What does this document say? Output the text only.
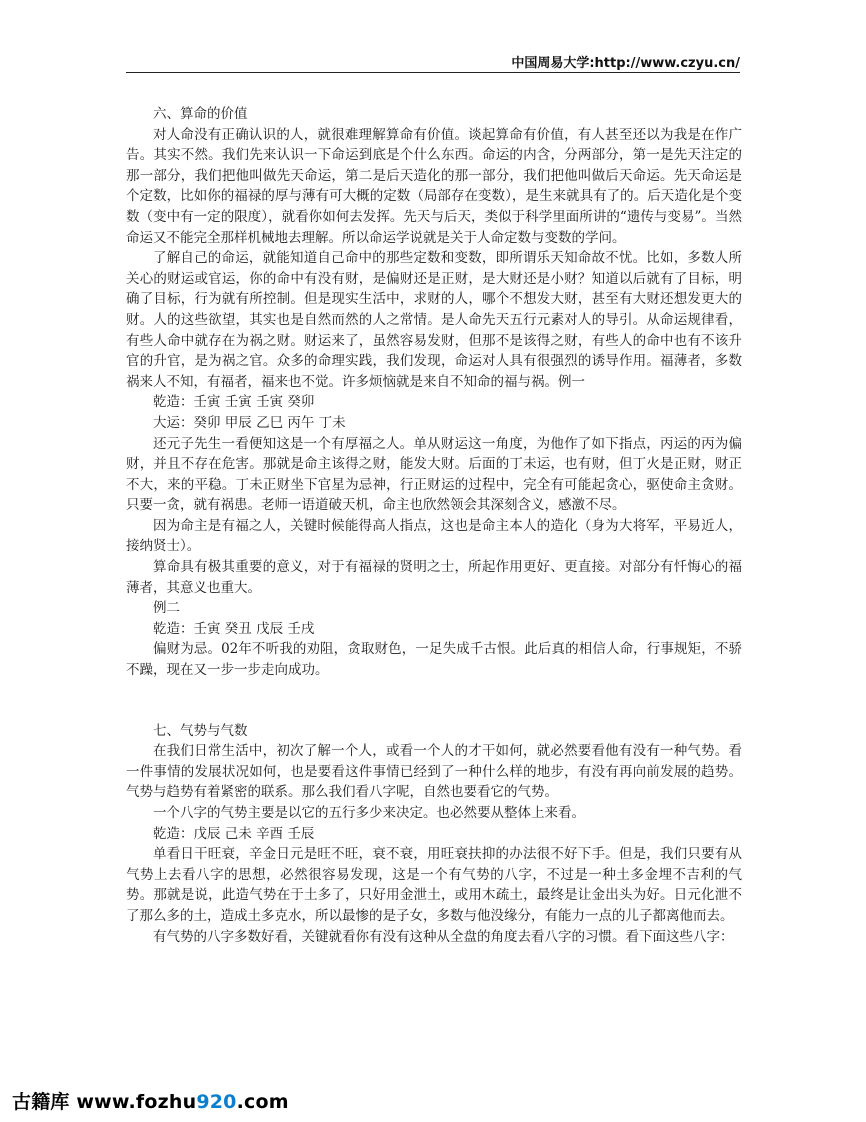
中国周易大学:http://www.czyu.cn/

六、算命的价值

对人命没有正确认识的人，就很难理解算命有价值。谈起算命有价值，有人甚至还以为我是在作广告。其实不然。我们先来认识一下命运到底是个什么东西。命运的内含，分两部分，第一是先天注定的那一部分，我们把他叫做先天命运，第二是后天造化的那一部分，我们把他叫做后天命运。先天命运是个定数，比如你的福禄的厚与薄有可大概的定数（局部存在变数），是生来就具有了的。后天造化是个变数（变中有一定的限度），就看你如何去发挥。先天与后天，类似于科学里面所讲的“遗传与变易”。当然命运又不能完全那样机械地去理解。所以命运学说就是关于人命定数与变数的学问。

了解自己的命运，就能知道自己命中的那些定数和变数，即所谓乐天知命故不忧。比如，多数人所关心的财运或官运，你的命中有没有财，是偏财还是正财，是大财还是小财？知道以后就有了目标，明确了目标，行为就有所控制。但是现实生活中，求财的人，哪个不想发大财，甚至有大财还想发更大的财。人的这些欲望，其实也是自然而然的人之常情。是人命先天五行元素对人的导引。从命运规律看，有些人命中就存在为祸之财。财运来了，虽然容易发财，但那不是该得之财，有些人的命中也有不该升官的升官，是为祸之官。众多的命理实践，我们发现，命运对人具有很强烈的诱导作用。福薄者，多数祸来人不知，有福者，福来也不觉。许多烦恼就是来自不知命的福与祸。例一

乾造：壬寅 壬寅 壬寅 癸卯

大运：癸卯 甲辰 乙巳 丙午 丁未

还元子先生一看便知这是一个有厚福之人。单从财运这一角度，为他作了如下指点，丙运的丙为偏财，并且不存在危害。那就是命主该得之财，能发大财。后面的丁未运，也有财，但丁火是正财，财正不大，来的平稳。丁未正财坐下官星为忌神，行正财运的过程中，完全有可能起贪心，驱使命主贪财。只要一贪，就有祸患。老师一语道破天机，命主也欣然领会其深刻含义，感激不尽。

因为命主是有福之人，关键时候能得高人指点，这也是命主本人的造化（身为大将军，平易近人，接纳贤士）。

算命具有极其重要的意义，对于有福禄的贤明之士，所起作用更好、更直接。对部分有忏悔心的福薄者，其意义也重大。

例二

乾造：壬寅 癸丑 戊辰 壬戌

偏财为忌。02年不听我的劝阻，贪取财色，一足失成千古恨。此后真的相信人命，行事规矩，不骄不躁，现在又一步一步走向成功。

七、气势与气数

在我们日常生活中，初次了解一个人，或看一个人的才干如何，就必然要看他有没有一种气势。看一件事情的发展状况如何，也是要看这件事情已经到了一种什么样的地步，有没有再向前发展的趋势。气势与趋势有着紧密的联系。那么我们看八字呢，自然也要看它的气势。

一个八字的气势主要是以它的五行多少来决定。也必然要从整体上来看。

乾造：戊辰 己未 辛酉 壬辰

单看日干旺衰，辛金日元是旺不旺，衰不衰，用旺衰扶抑的办法很不好下手。但是，我们只要有从气势上去看八字的思想，必然很容易发现，这是一个有气势的八字，不过是一种土多金埋不吉利的气势。那就是说，此造气势在于土多了，只好用金泄土，或用木疏土，最终是让金出头为好。日元化泄不了那么多的土，造成土多克水，所以最惨的是子女，多数与他没缘分，有能力一点的儿子都离他而去。

有气势的八字多数好看，关键就看你有没有这种从全盘的角度去看八字的习惯。看下面这些八字：

古籍库 www.fozhu920.com
